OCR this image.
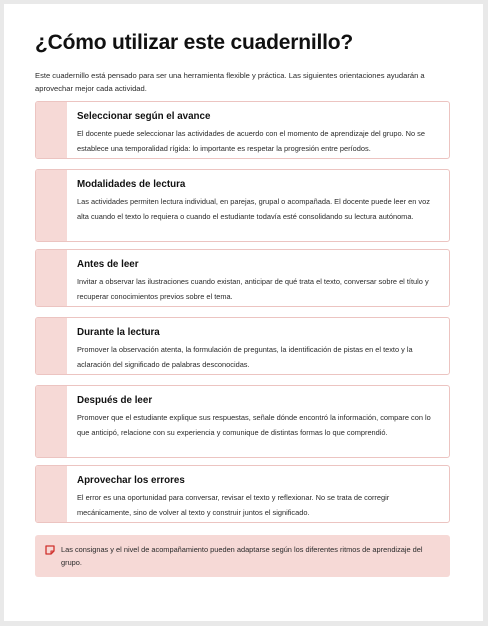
¿Cómo utilizar este cuadernillo?

Este cuadernillo está pensado para ser una herramienta flexible y práctica. Las siguientes orientaciones ayudarán a aprovechar mejor cada actividad.

Seleccionar según el avance

El docente puede seleccionar las actividades de acuerdo con el momento de aprendizaje del grupo. No se establece una temporalidad rígida: lo importante es respetar la progresión entre períodos.

Modalidades de lectura

Las actividades permiten lectura individual, en parejas, grupal o acompañada. El docente puede leer en voz alta cuando el texto lo requiera o cuando el estudiante todavía esté consolidando su lectura autónoma.

Antes de leer

Invitar a observar las ilustraciones cuando existan, anticipar de qué trata el texto, conversar sobre el título y recuperar conocimientos previos sobre el tema.

Durante la lectura

Promover la observación atenta, la formulación de preguntas, la identificación de pistas en el texto y la aclaración del significado de palabras desconocidas.

Después de leer

Promover que el estudiante explique sus respuestas, señale dónde encontró la información, compare con lo que anticipó, relacione con su experiencia y comunique de distintas formas lo que comprendió.

Aprovechar los errores

El error es una oportunidad para conversar, revisar el texto y reflexionar. No se trata de corregir mecánicamente, sino de volver al texto y construir juntos el significado.

Las consignas y el nivel de acompañamiento pueden adaptarse según los diferentes ritmos de aprendizaje del grupo.
